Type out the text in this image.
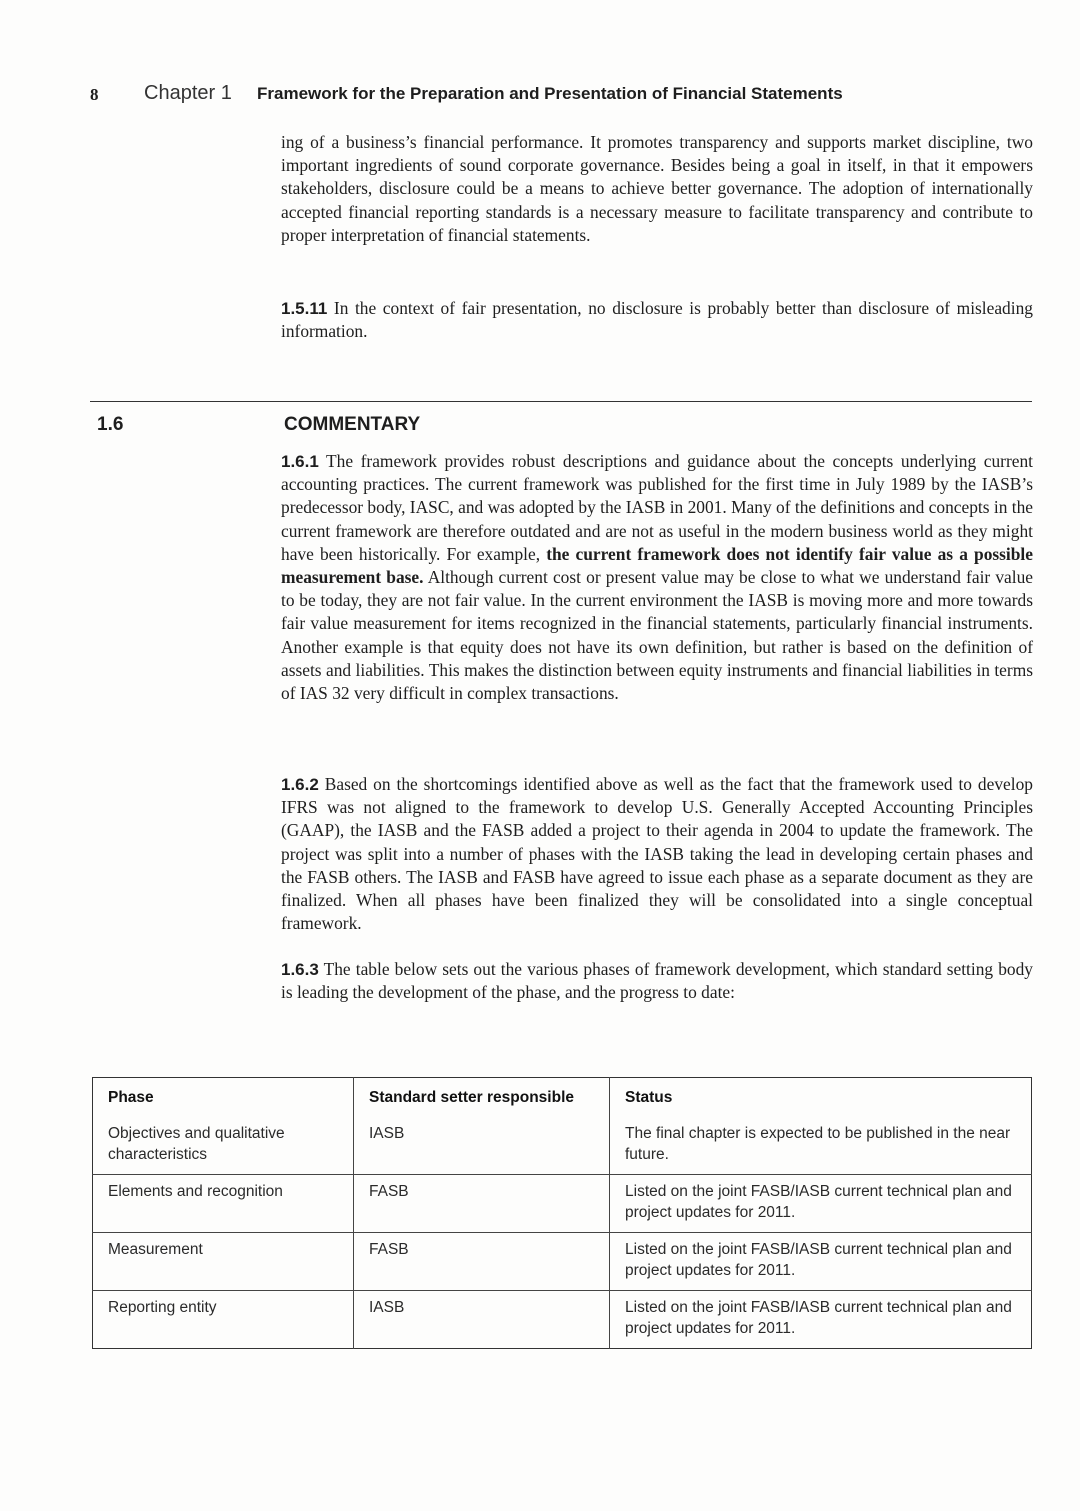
8 Chapter 1 Framework for the Preparation and Presentation of Financial Statements

ing of a business’s financial performance. It promotes transparency and supports market discipline, two important ingredients of sound corporate governance. Besides being a goal in itself, in that it empowers stakeholders, disclosure could be a means to achieve better governance. The adoption of internationally accepted financial reporting standards is a necessary measure to facilitate transparency and contribute to proper interpretation of financial statements.

1.5.11 In the context of fair presentation, no disclosure is probably better than disclosure of misleading information.

1.6	COMMENTARY

1.6.1 The framework provides robust descriptions and guidance about the concepts underlying current accounting practices. The current framework was published for the first time in July 1989 by the IASB’s predecessor body, IASC, and was adopted by the IASB in 2001. Many of the definitions and concepts in the current framework are therefore outdated and are not as useful in the modern business world as they might have been historically. For example, the current framework does not identify fair value as a possible measurement base. Although current cost or present value may be close to what we understand fair value to be today, they are not fair value. In the current environment the IASB is moving more and more towards fair value measurement for items recognized in the financial statements, particularly financial instruments. Another example is that equity does not have its own definition, but rather is based on the definition of assets and liabilities. This makes the distinction between equity instruments and financial liabilities in terms of IAS 32 very difficult in complex transactions.

1.6.2 Based on the shortcomings identified above as well as the fact that the framework used to develop IFRS was not aligned to the framework to develop U.S. Generally Accepted Accounting Principles (GAAP), the IASB and the FASB added a project to their agenda in 2004 to update the framework. The project was split into a number of phases with the IASB taking the lead in developing certain phases and the FASB others. The IASB and FASB have agreed to issue each phase as a separate document as they are finalized. When all phases have been finalized they will be consolidated into a single conceptual framework.

1.6.3 The table below sets out the various phases of framework development, which standard setting body is leading the development of the phase, and the progress to date:

Phase	Standard setter responsible	Status
Objectives and qualitative characteristics	IASB	The final chapter is expected to be published in the near future.
Elements and recognition	FASB	Listed on the joint FASB/IASB current technical plan and project updates for 2011.
Measurement	FASB	Listed on the joint FASB/IASB current technical plan and project updates for 2011.
Reporting entity	IASB	Listed on the joint FASB/IASB current technical plan and project updates for 2011.
